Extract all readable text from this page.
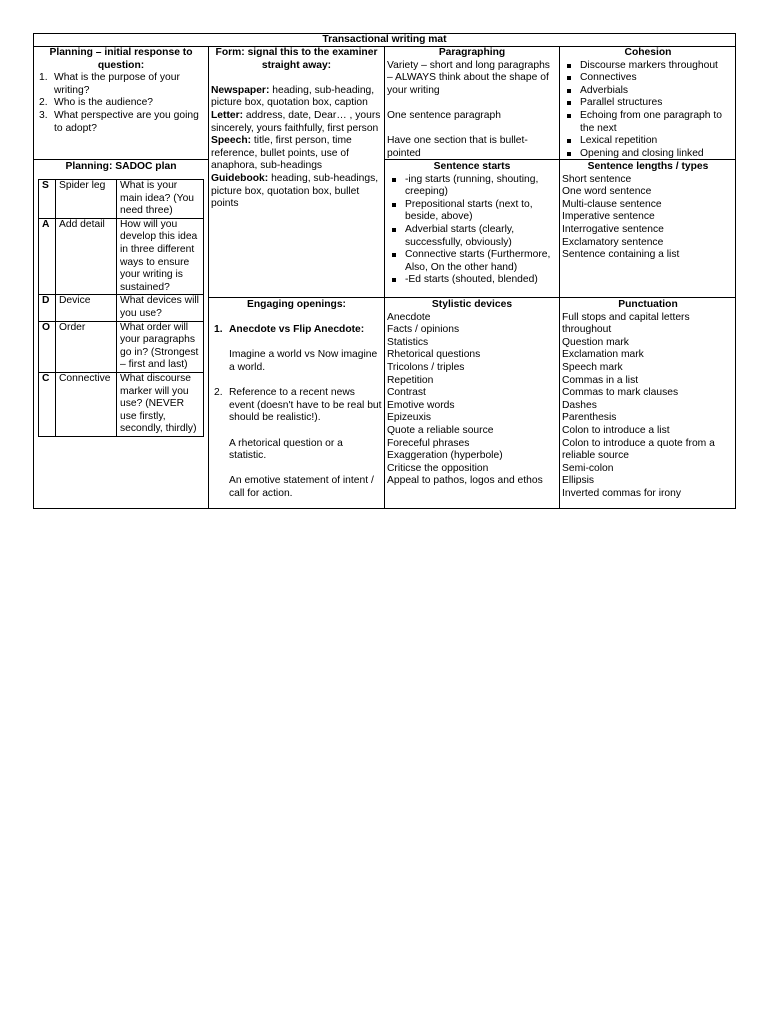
Transactional writing mat
Planning – initial response to question:
1. What is the purpose of your writing?
2. Who is the audience?
3. What perspective are you going to adopt?
Planning: SADOC plan
S	Spider leg	What is your main idea? (You need three)
A	Add detail	How will you develop this idea in three different ways to ensure your writing is sustained?
D	Device	What devices will you use?
O	Order	What order will your paragraphs go in? (Strongest – first and last)
C	Connective	What discourse marker will you use? (NEVER use firstly, secondly, thirdly)
Form: signal this to the examiner straight away:

Newspaper: heading, sub-heading, picture box, quotation box, caption

Letter: address, date, Dear… , yours sincerely, yours faithfully, first person

Speech: title, first person, time reference, bullet points, use of anaphora, sub-headings

Guidebook: heading, sub-headings, picture box, quotation box, bullet points

Paragraphing

Variety – short and long paragraphs – ALWAYS think about the shape of your writing

One sentence paragraph

Have one section that is bullet-pointed

Cohesion
Discourse markers throughout
Connectives
Adverbials
Parallel structures
Echoing from one paragraph to the next
Lexical repetition
Opening and closing linked
Sentence starts
-ing starts (running, shouting, creeping)
Prepositional starts (next to, beside, above)
Adverbial starts (clearly, successfully, obviously)
Connective starts (Furthermore, Also, On the other hand)
-Ed starts (shouted, blended)
Sentence lengths / types

Short sentence

One word sentence

Multi-clause sentence

Imperative sentence

Interrogative sentence

Exclamatory sentence

Sentence containing a list

Engaging openings:
1. Anecdote vs Flip Anecdote:

Imagine a world vs Now imagine a world.

2. Reference to a recent news event (doesn't have to be real but should be realistic!).

A rhetorical question or a statistic.

An emotive statement of intent / call for action.

Stylistic devices

Anecdote

Facts / opinions

Statistics

Rhetorical questions

Tricolons / triples

Repetition

Contrast

Emotive words

Epizeuxis

Quote a reliable source

Foreceful phrases

Exaggeration (hyperbole)

Criticse the opposition

Appeal to pathos, logos and ethos

Punctuation

Full stops and capital letters throughout

Question mark

Exclamation mark

Speech mark

Commas in a list

Commas to mark clauses

Dashes

Parenthesis

Colon to introduce a list

Colon to introduce a quote from a reliable source

Semi-colon

Ellipsis

Inverted commas for irony
